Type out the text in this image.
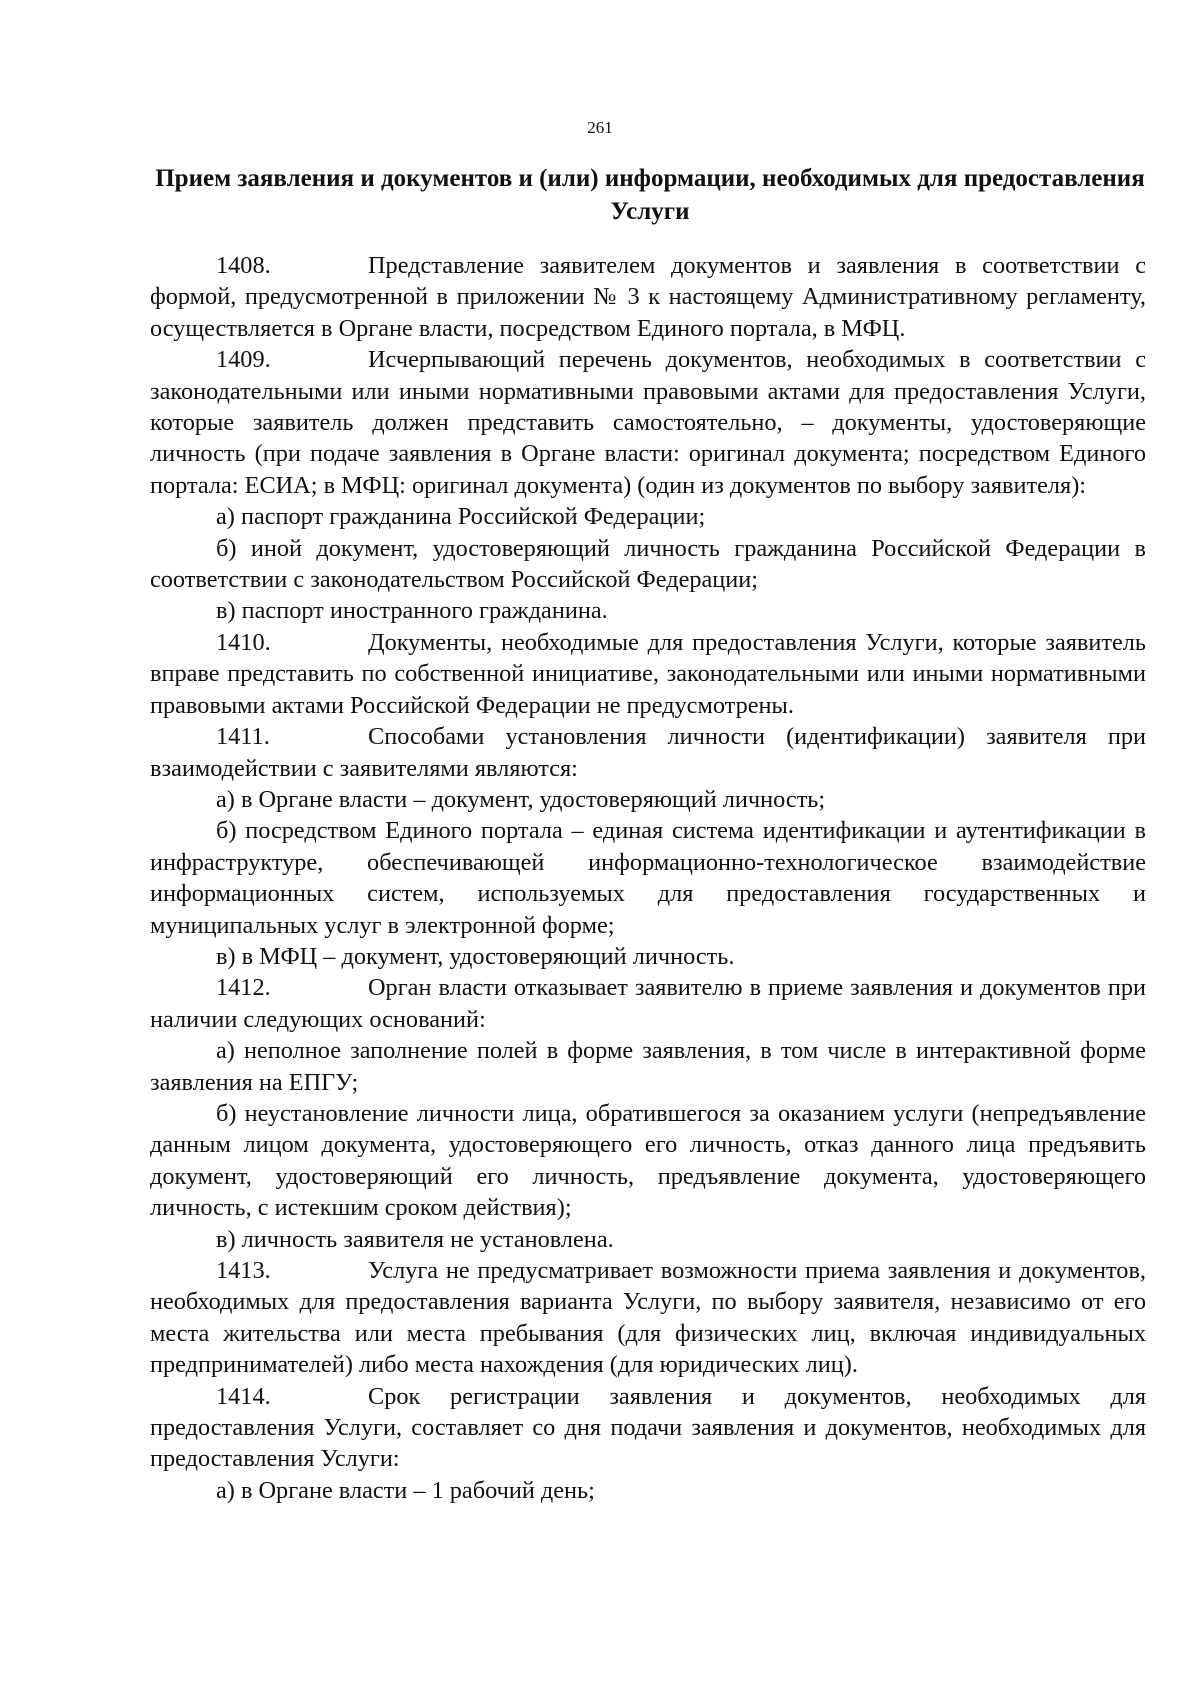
261
Прием заявления и документов и (или) информации, необходимых для предоставления Услуги

1408.	Представление заявителем документов и заявления в соответствии с формой, предусмотренной в приложении № 3 к настоящему Административному регламенту, осуществляется в Органе власти, посредством Единого портала, в МФЦ.

1409.	Исчерпывающий перечень документов, необходимых в соответствии с законодательными или иными нормативными правовыми актами для предоставления Услуги, которые заявитель должен представить самостоятельно, – документы, удостоверяющие личность (при подаче заявления в Органе власти: оригинал документа; посредством Единого портала: ЕСИА; в МФЦ: оригинал документа) (один из документов по выбору заявителя):

а) паспорт гражданина Российской Федерации;

б) иной документ, удостоверяющий личность гражданина Российской Федерации в соответствии с законодательством Российской Федерации;

в) паспорт иностранного гражданина.

1410.	Документы, необходимые для предоставления Услуги, которые заявитель вправе представить по собственной инициативе, законодательными или иными нормативными правовыми актами Российской Федерации не предусмотрены.

1411.	Способами установления личности (идентификации) заявителя при взаимодействии с заявителями являются:

а) в Органе власти – документ, удостоверяющий личность;

б) посредством Единого портала – единая система идентификации и аутентификации в инфраструктуре, обеспечивающей информационно-технологическое взаимодействие информационных систем, используемых для предоставления государственных и муниципальных услуг в электронной форме;

в) в МФЦ – документ, удостоверяющий личность.

1412.	Орган власти отказывает заявителю в приеме заявления и документов при наличии следующих оснований:

а) неполное заполнение полей в форме заявления, в том числе в интерактивной форме заявления на ЕПГУ;

б) неустановление личности лица, обратившегося за оказанием услуги (непредъявление данным лицом документа, удостоверяющего его личность, отказ данного лица предъявить документ, удостоверяющий его личность, предъявление документа, удостоверяющего личность, с истекшим сроком действия);

в) личность заявителя не установлена.

1413.	Услуга не предусматривает возможности приема заявления и документов, необходимых для предоставления варианта Услуги, по выбору заявителя, независимо от его места жительства или места пребывания (для физических лиц, включая индивидуальных предпринимателей) либо места нахождения (для юридических лиц).

1414.	Срок регистрации заявления и документов, необходимых для предоставления Услуги, составляет со дня подачи заявления и документов, необходимых для предоставления Услуги:

а) в Органе власти – 1 рабочий день;
